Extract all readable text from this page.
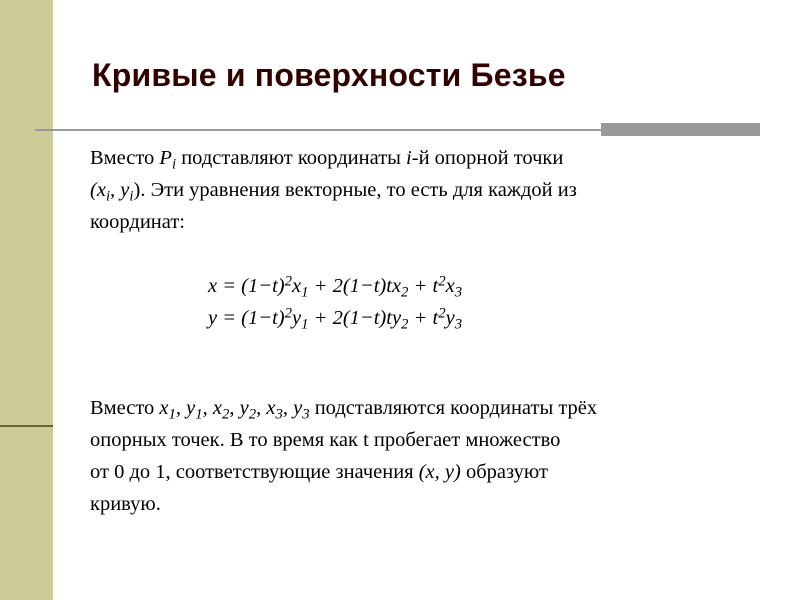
Кривые и поверхности Безье
Вместо $P_i$ подставляют координаты i-й опорной точки
($x_i$, $y_i$). Эти уравнения векторные, то есть для каждой из
координат:
$x = (1-t)^2x_1 + 2(1-t)tx_2 + t^2x_3$
$y = (1-t)^2y_1 + 2(1-t)ty_2 + t^2y_3$
Вместо $x_1$, $y_1$, $x_2$, $y_2$, $x_3$, $y_3$ подставляются координаты трёх
опорных точек. В то время как t пробегает множество
от 0 до 1, соответствующие значения (x, y) образуют
кривую.
